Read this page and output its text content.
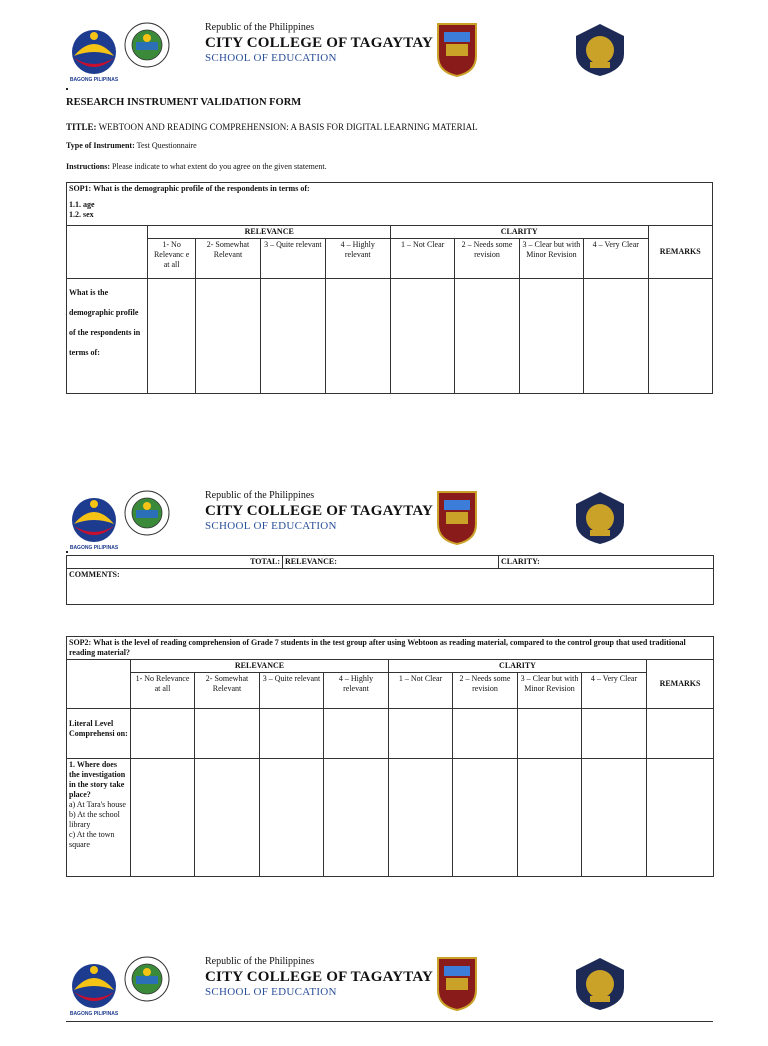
BAGONG PILIPINAS
Republic of the Philippines
CITY COLLEGE OF TAGAYTAY
SCHOOL OF EDUCATION
RESEARCH INSTRUMENT VALIDATION FORM
TITLE: WEBTOON AND READING COMPREHENSION: A BASIS FOR DIGITAL LEARNING MATERIAL
Type of Instrument: Test Questionnaire
Instructions: Please indicate to what extent do you agree on the given statement.
SOP1: What is the demographic profile of the respondents in terms of:
1.1. age
1.2. sex									

	RELEVANCE				CLARITY				REMARKS
	1- No Relevanc e at all	2- Somewhat Relevant	3 – Quite relevant	4 – Highly relevant	1 – Not Clear	2 – Needs some revision	3 – Clear but with Minor Revision	4 – Very Clear	
What is the demographic profile of the respondents in terms of:									
BAGONG PILIPINAS
Republic of the Philippines
CITY COLLEGE OF TAGAYTAY
SCHOOL OF EDUCATION
TOTAL:	RELEVANCE:	CLARITY:
COMMENTS:
SOP2: What is the level of reading comprehension of Grade 7 students in the test group after using Webtoon as reading material, compared to the control group that used traditional reading material?									
	RELEVANCE				CLARITY				REMARKS
	1- No Relevance at all	2- Somewhat Relevant	3 – Quite relevant	4 – Highly relevant	1 – Not Clear	2 – Needs some revision	3 – Clear but with Minor Revision	4 – Very Clear	
Literal Level Comprehensi on:									

1. Where does the investigation in the story take place?
a) At Tara's house
b) At the school library
c) At the town square									

BAGONG PILIPINAS
Republic of the Philippines
CITY COLLEGE OF TAGAYTAY
SCHOOL OF EDUCATION
